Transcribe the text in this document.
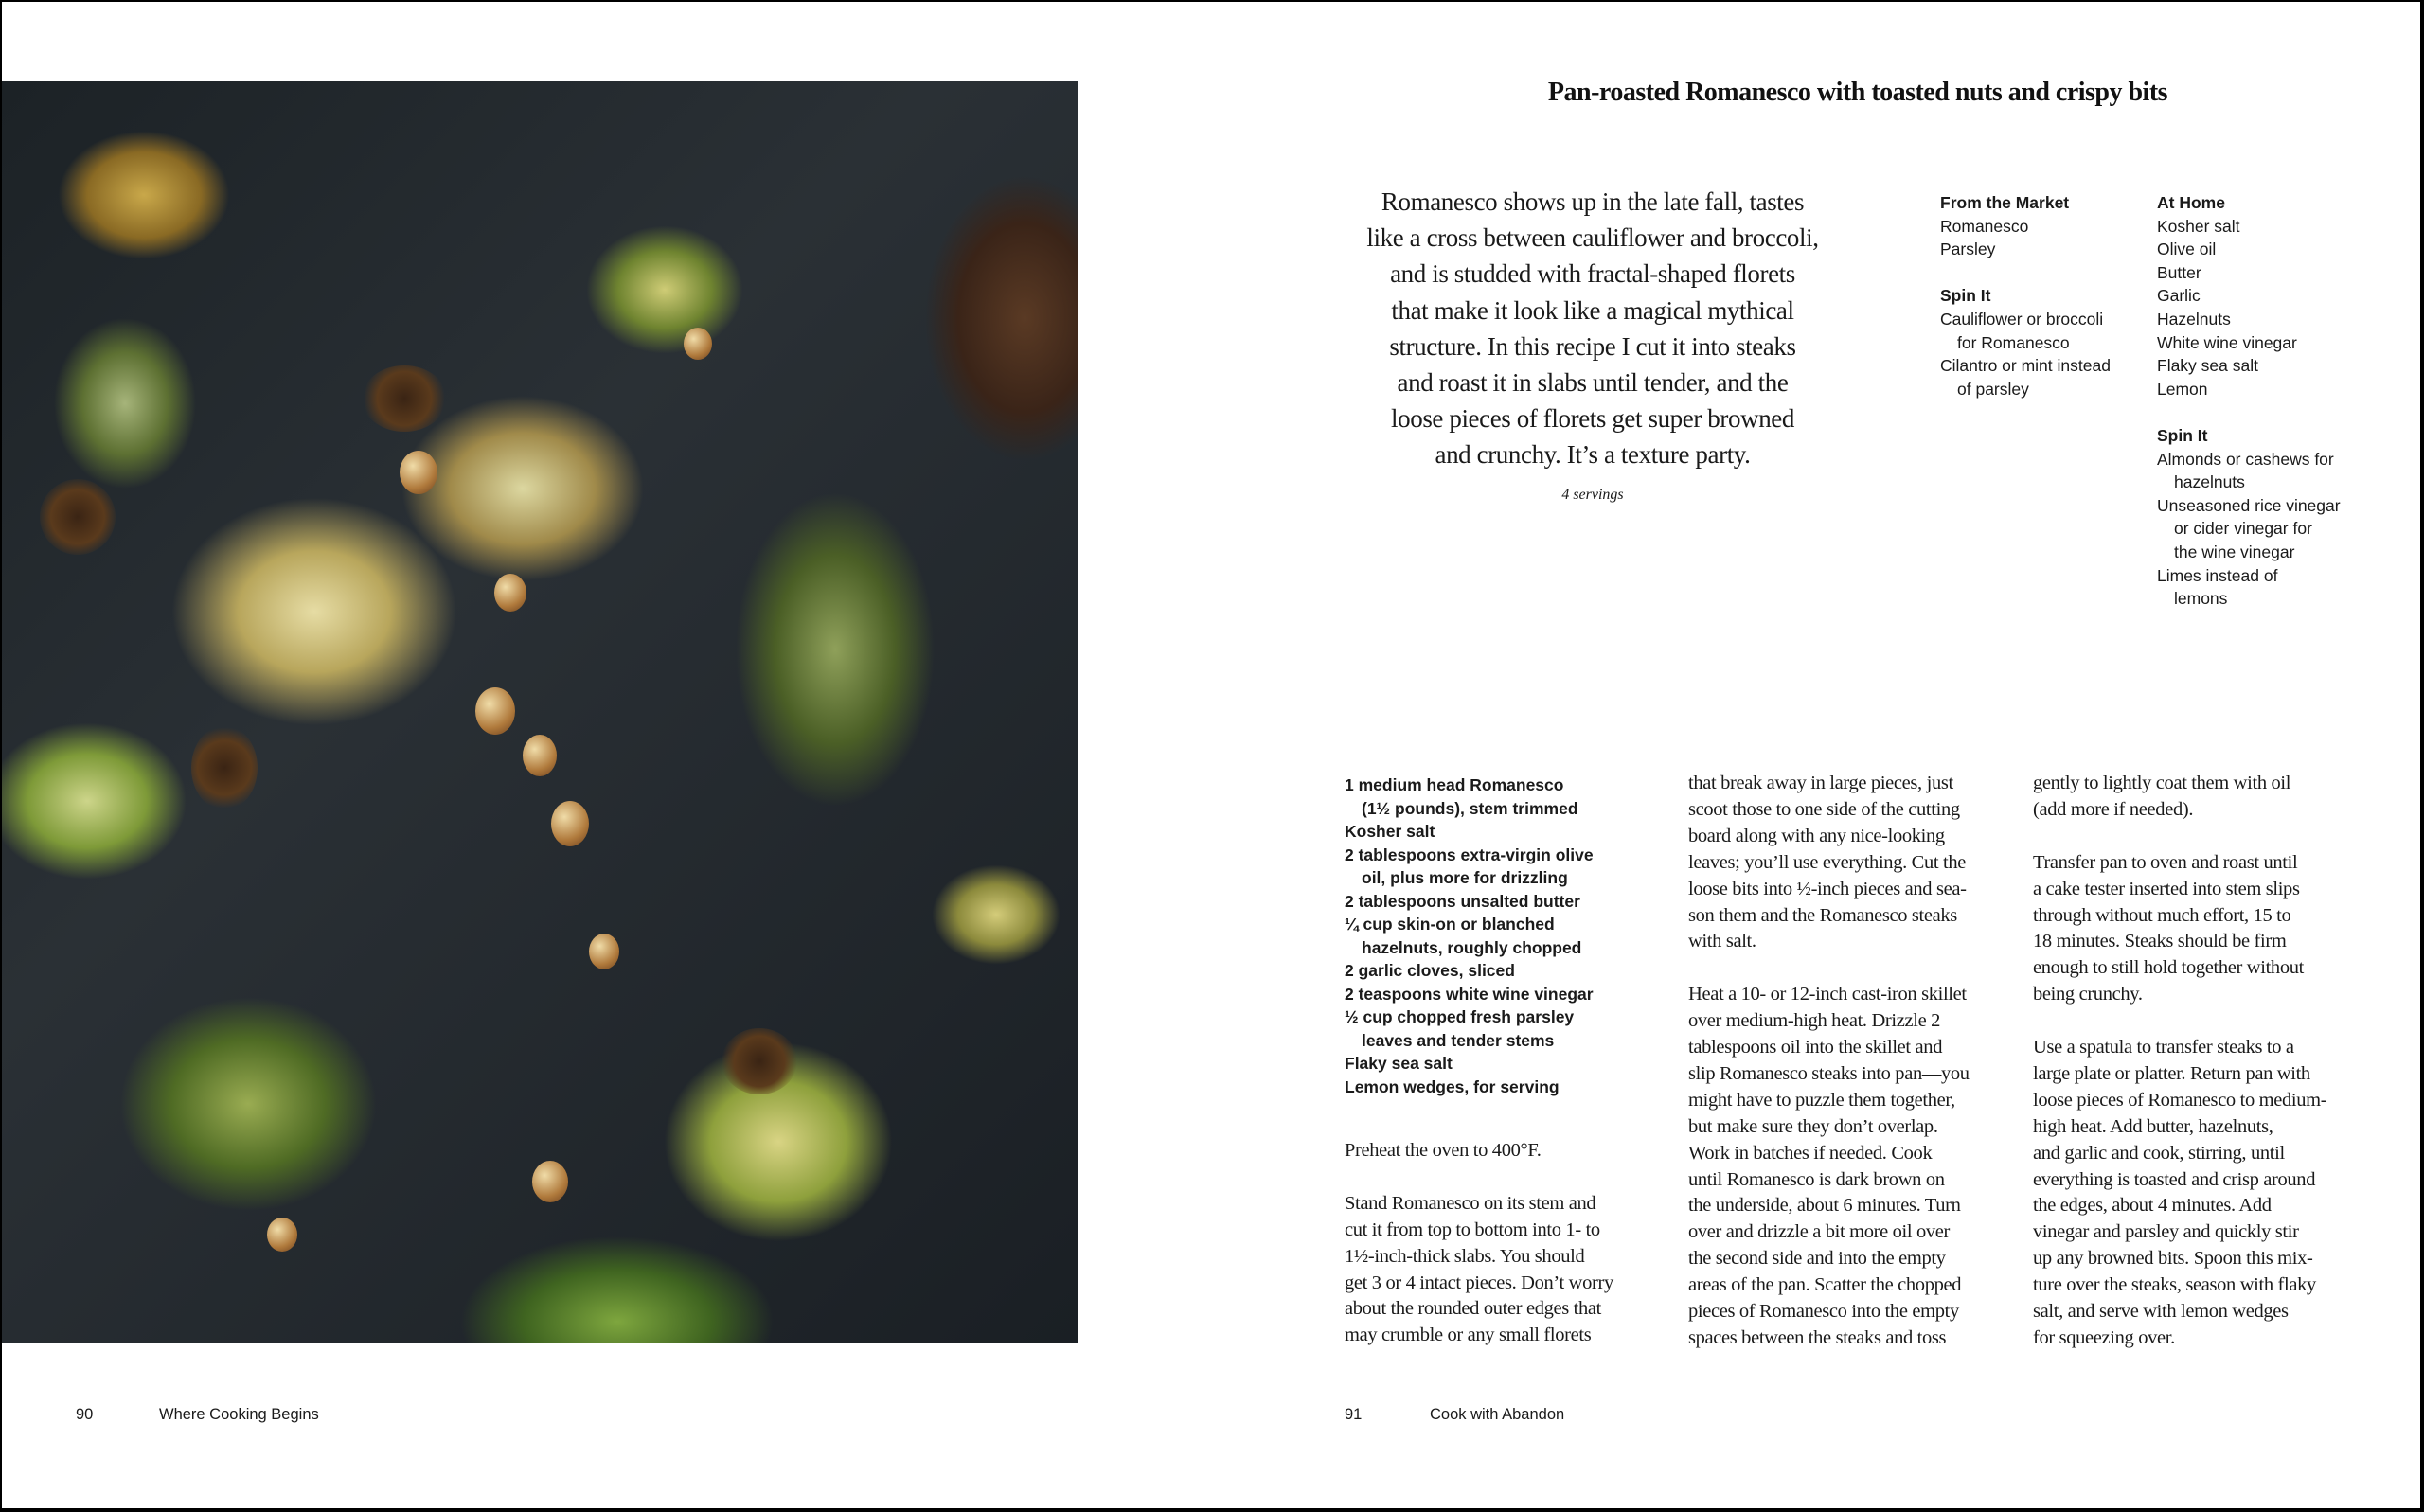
90	Where Cooking Begins
Pan-roasted Romanesco with toasted nuts and crispy bits
Romanesco shows up in the late fall, tastes
like a cross between cauliflower and broccoli,
and is studded with fractal-shaped florets
that make it look like a magical mythical
structure. In this recipe I cut it into steaks
and roast it in slabs until tender, and the
loose pieces of florets get super browned
and crunchy. It’s a texture party.
4 servings
From the Market
Romanesco
Parsley
Spin It
Cauliflower or broccoli
for Romanesco
Cilantro or mint instead
of parsley
At Home
Kosher salt
Olive oil
Butter
Garlic
Hazelnuts
White wine vinegar
Flaky sea salt
Lemon
Spin It
Almonds or cashews for
hazelnuts
Unseasoned rice vinegar
or cider vinegar for
the wine vinegar
Limes instead of
lemons
1 medium head Romanesco
(1½ pounds), stem trimmed
Kosher salt
2 tablespoons extra-virgin olive
oil, plus more for drizzling
2 tablespoons unsalted butter
¼ cup skin-on or blanched
hazelnuts, roughly chopped
2 garlic cloves, sliced
2 teaspoons white wine vinegar
½ cup chopped fresh parsley
leaves and tender stems
Flaky sea salt
Lemon wedges, for serving
Preheat the oven to 400°F.
Stand Romanesco on its stem and
cut it from top to bottom into 1- to
1½-inch-thick slabs. You should
get 3 or 4 intact pieces. Don’t worry
about the rounded outer edges that
may crumble or any small florets
that break away in large pieces, just
scoot those to one side of the cutting
board along with any nice-looking
leaves; you’ll use everything. Cut the
loose bits into ½-inch pieces and sea-
son them and the Romanesco steaks
with salt.
Heat a 10- or 12-inch cast-iron skillet
over medium-high heat. Drizzle 2
tablespoons oil into the skillet and
slip Romanesco steaks into pan—you
might have to puzzle them together,
but make sure they don’t overlap.
Work in batches if needed. Cook
until Romanesco is dark brown on
the underside, about 6 minutes. Turn
over and drizzle a bit more oil over
the second side and into the empty
areas of the pan. Scatter the chopped
pieces of Romanesco into the empty
spaces between the steaks and toss
gently to lightly coat them with oil
(add more if needed).
Transfer pan to oven and roast until
a cake tester inserted into stem slips
through without much effort, 15 to
18 minutes. Steaks should be firm
enough to still hold together without
being crunchy.
Use a spatula to transfer steaks to a
large plate or platter. Return pan with
loose pieces of Romanesco to medium-
high heat. Add butter, hazelnuts,
and garlic and cook, stirring, until
everything is toasted and crisp around
the edges, about 4 minutes. Add
vinegar and parsley and quickly stir
up any browned bits. Spoon this mix-
ture over the steaks, season with flaky
salt, and serve with lemon wedges
for squeezing over.
91	Cook with Abandon
